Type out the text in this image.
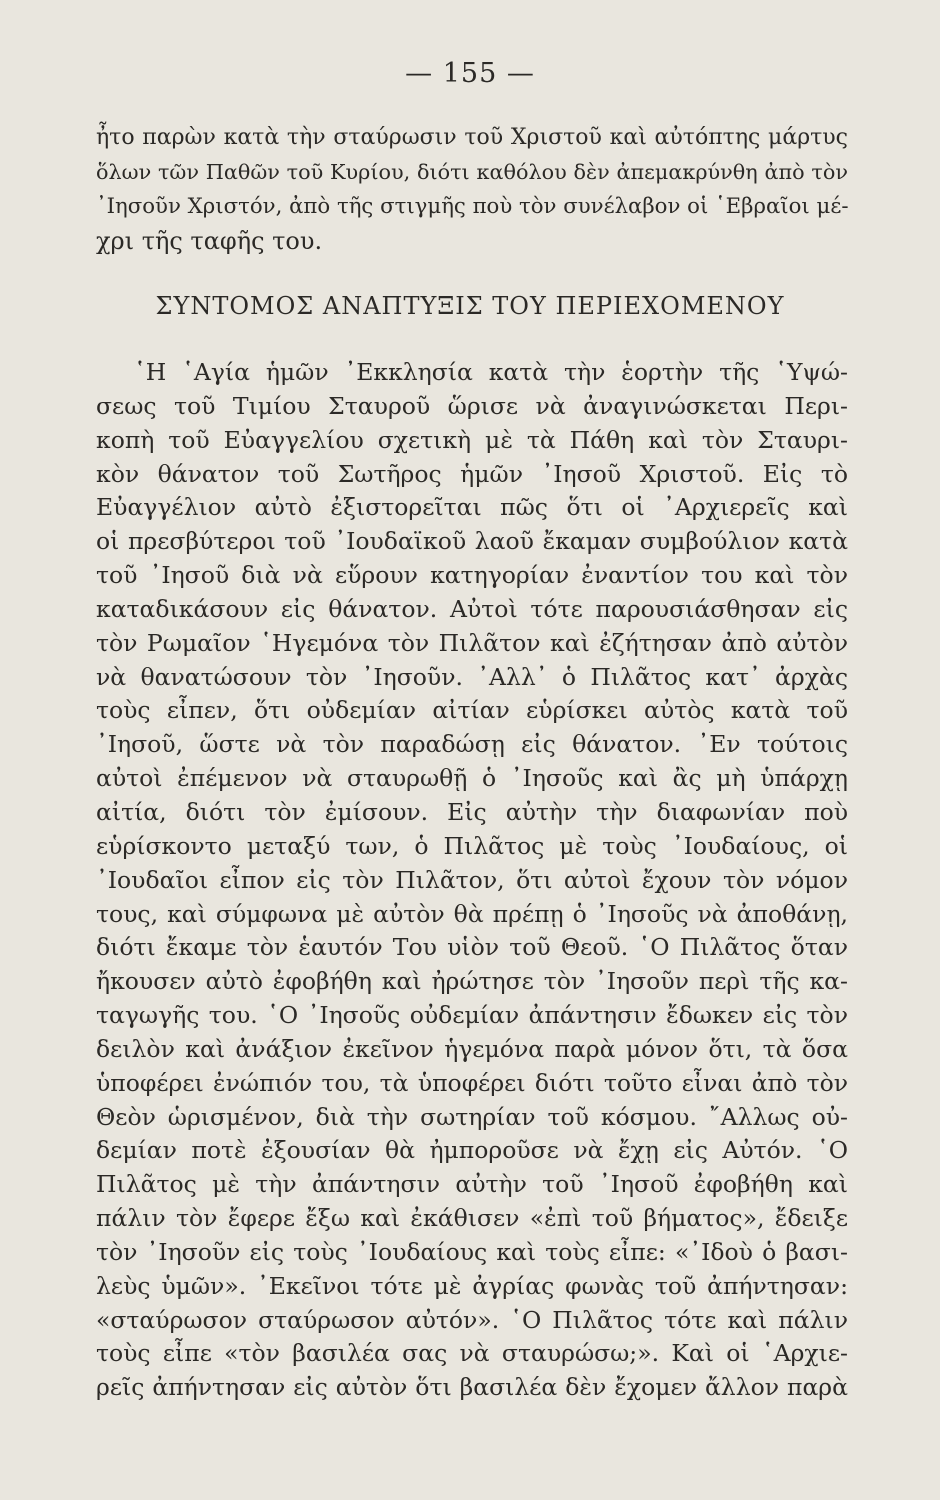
— 155 —
ἦτο παρὼν κατὰ τὴν σταύρωσιν τοῦ Χριστοῦ καὶ αὐτόπτης μάρτυς
ὅλων τῶν Παθῶν τοῦ Κυρίου, διότι καθόλου δὲν ἀπεμακρύνθη ἀπὸ τὸν
᾿Ιησοῦν Χριστόν, ἀπὸ τῆς στιγμῆς ποὺ τὸν συνέλαβον οἱ ῾Εβραῖοι μέ-
χρι τῆς ταφῆς του.
ΣΥΝΤΟΜΟΣ ΑΝΑΠΤΥΞΙΣ ΤΟΥ ΠΕΡΙΕΧΟΜΕΝΟΥ
῾Η ῾Αγία ἡμῶν ᾿Εκκλησία κατὰ τὴν ἑορτὴν τῆς ῾Υψώ-
σεως τοῦ Τιμίου Σταυροῦ ὥρισε νὰ ἀναγινώσκεται Περι-
κοπὴ τοῦ Εὐαγγελίου σχετικὴ μὲ τὰ Πάθη καὶ τὸν Σταυρι-
κὸν θάνατον τοῦ Σωτῆρος ἡμῶν ᾿Ιησοῦ Χριστοῦ. Εἰς τὸ
Εὐαγγέλιον αὐτὸ ἐξιστορεῖται πῶς ὅτι οἱ ᾿Αρχιερεῖς καὶ
οἱ πρεσβύτεροι τοῦ ᾿Ιουδαϊκοῦ λαοῦ ἔκαμαν συμβούλιον κατὰ
τοῦ ᾿Ιησοῦ διὰ νὰ εὕρουν κατηγορίαν ἐναντίον του καὶ τὸν
καταδικάσουν εἰς θάνατον. Αὐτοὶ τότε παρουσιάσθησαν εἰς
τὸν Ρωμαῖον ῾Ηγεμόνα τὸν Πιλᾶτον καὶ ἐζήτησαν ἀπὸ αὐτὸν
νὰ θανατώσουν τὸν ᾿Ιησοῦν. ᾿Αλλ᾿ ὁ Πιλᾶτος κατ᾿ ἀρχὰς
τοὺς εἶπεν, ὅτι οὐδεμίαν αἰτίαν εὑρίσκει αὐτὸς κατὰ τοῦ
᾿Ιησοῦ, ὥστε νὰ τὸν παραδώσῃ εἰς θάνατον. ᾿Εν τούτοις
αὐτοὶ ἐπέμενον νὰ σταυρωθῇ ὁ ᾿Ιησοῦς καὶ ἂς μὴ ὑπάρχῃ
αἰτία, διότι τὸν ἐμίσουν. Εἰς αὐτὴν τὴν διαφωνίαν ποὺ
εὑρίσκοντο μεταξύ των, ὁ Πιλᾶτος μὲ τοὺς ᾿Ιουδαίους, οἱ
᾿Ιουδαῖοι εἶπον εἰς τὸν Πιλᾶτον, ὅτι αὐτοὶ ἔχουν τὸν νόμον
τους, καὶ σύμφωνα μὲ αὐτὸν θὰ πρέπῃ ὁ ᾿Ιησοῦς νὰ ἀποθάνῃ,
διότι ἔκαμε τὸν ἑαυτόν Του υἱὸν τοῦ Θεοῦ. ῾Ο Πιλᾶτος ὅταν
ἤκουσεν αὐτὸ ἐφοβήθη καὶ ἠρώτησε τὸν ᾿Ιησοῦν περὶ τῆς κα-
ταγωγῆς του. ῾Ο ᾿Ιησοῦς οὐδεμίαν ἀπάντησιν ἔδωκεν εἰς τὸν
δειλὸν καὶ ἀνάξιον ἐκεῖνον ἡγεμόνα παρὰ μόνον ὅτι, τὰ ὅσα
ὑποφέρει ἐνώπιόν του, τὰ ὑποφέρει διότι τοῦτο εἶναι ἀπὸ τὸν
Θεὸν ὡρισμένον, διὰ τὴν σωτηρίαν τοῦ κόσμου. ῎Αλλως οὐ-
δεμίαν ποτὲ ἐξουσίαν θὰ ἠμποροῦσε νὰ ἔχῃ εἰς Αὐτόν. ῾Ο
Πιλᾶτος μὲ τὴν ἀπάντησιν αὐτὴν τοῦ ᾿Ιησοῦ ἐφοβήθη καὶ
πάλιν τὸν ἔφερε ἔξω καὶ ἐκάθισεν «ἐπὶ τοῦ βήματος», ἔδειξε
τὸν ᾿Ιησοῦν εἰς τοὺς ᾿Ιουδαίους καὶ τοὺς εἶπε: «᾿Ιδοὺ ὁ βασι-
λεὺς ὑμῶν». ᾿Εκεῖνοι τότε μὲ ἀγρίας φωνὰς τοῦ ἀπήντησαν:
«σταύρωσον σταύρωσον αὐτόν». ῾Ο Πιλᾶτος τότε καὶ πάλιν
τοὺς εἶπε «τὸν βασιλέα σας νὰ σταυρώσω;». Καὶ οἱ ῾Αρχιε-
ρεῖς ἀπήντησαν εἰς αὐτὸν ὅτι βασιλέα δὲν ἔχομεν ἄλλον παρὰ
